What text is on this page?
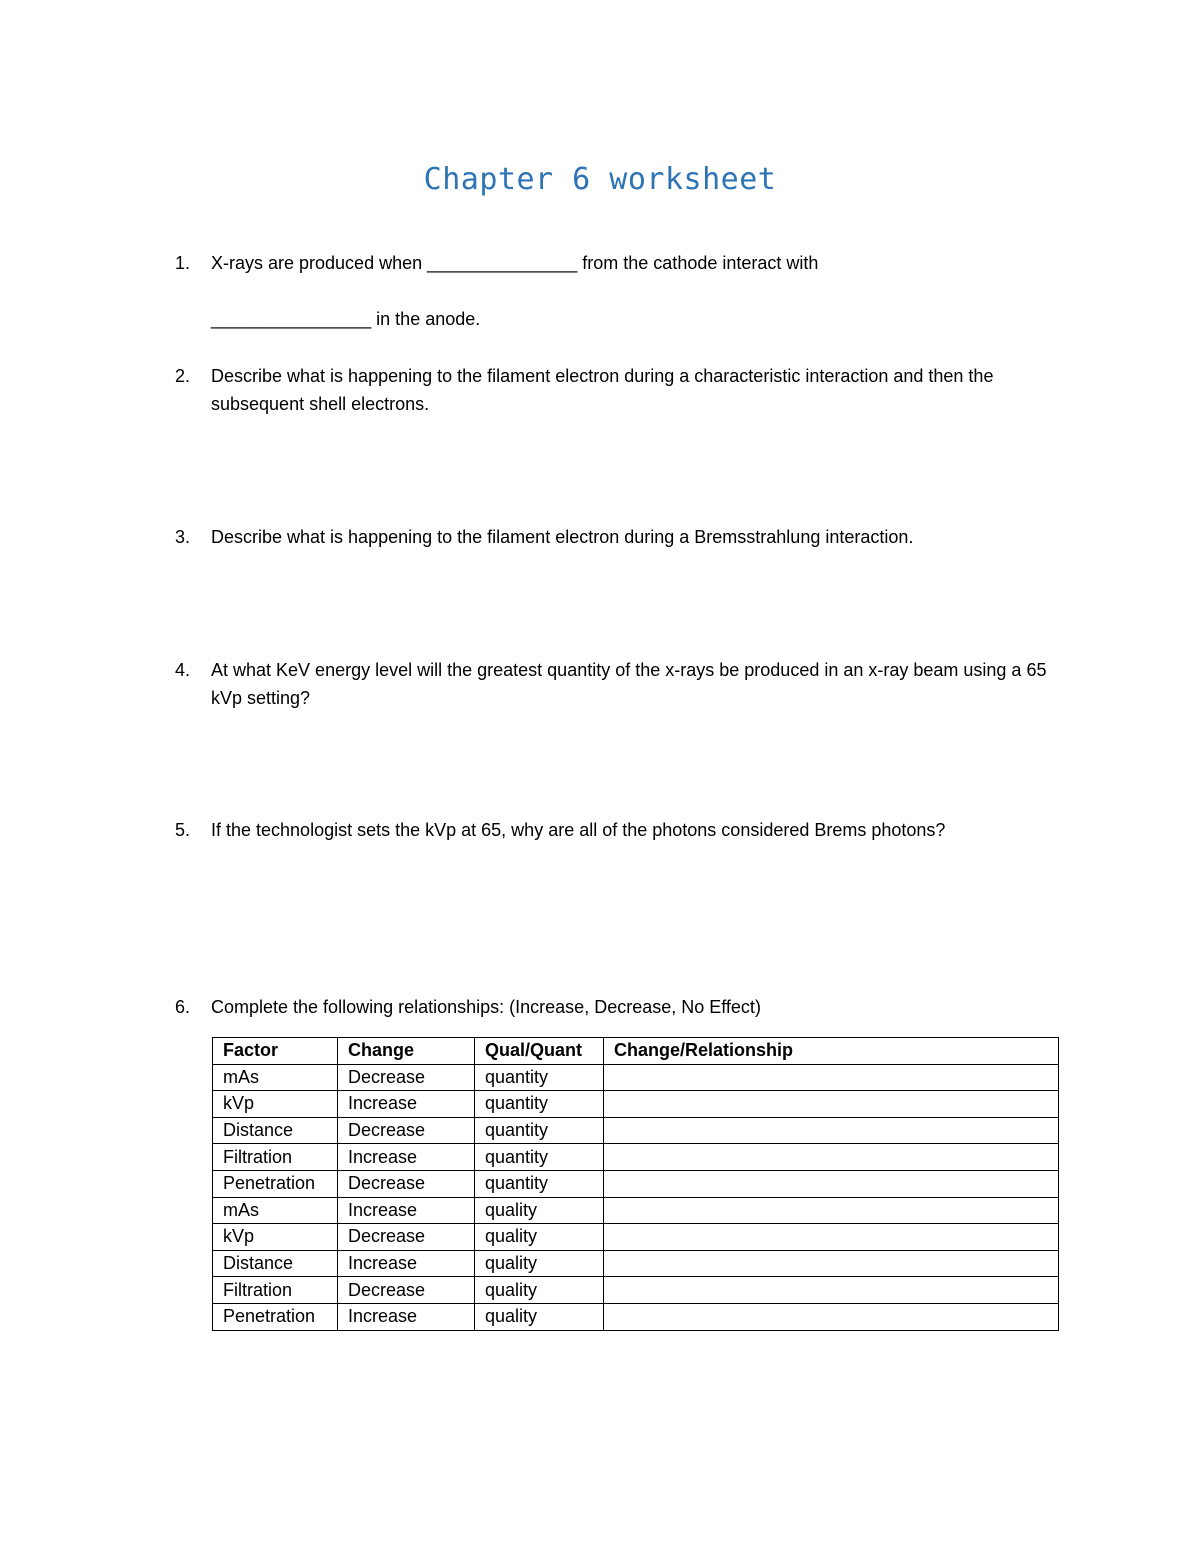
Chapter 6 worksheet
1. X-rays are produced when _______________ from the cathode interact with
________________ in the anode.
2. Describe what is happening to the filament electron during a characteristic interaction and then the subsequent shell electrons.
3. Describe what is happening to the filament electron during a Bremsstrahlung interaction.
4. At what KeV energy level will the greatest quantity of the x-rays be produced in an x-ray beam using a 65 kVp setting?
5. If the technologist sets the kVp at 65, why are all of the photons considered Brems photons?
6. Complete the following relationships: (Increase, Decrease, No Effect)
Factor	Change	Qual/Quant	Change/Relationship
mAs	Decrease	quantity	
kVp	Increase	quantity	
Distance	Decrease	quantity	
Filtration	Increase	quantity	
Penetration	Decrease	quantity	
mAs	Increase	quality	
kVp	Decrease	quality	
Distance	Increase	quality	
Filtration	Decrease	quality	
Penetration	Increase	quality	
